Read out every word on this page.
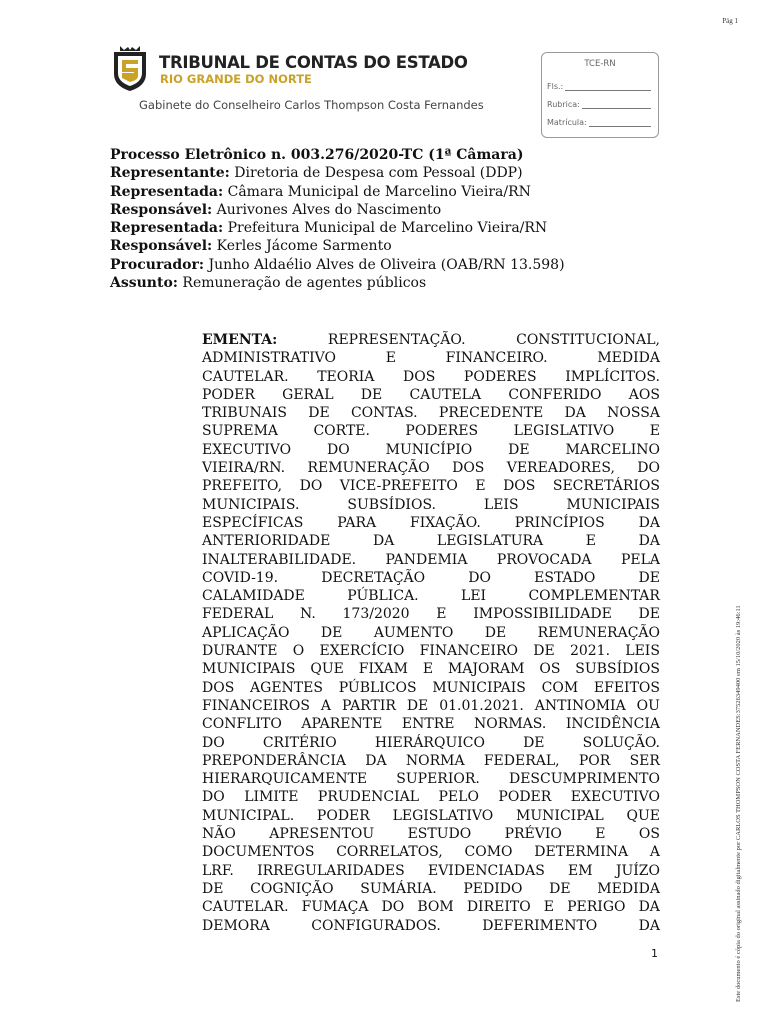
Pág 1
TRIBUNAL DE CONTAS DO ESTADO
RIO GRANDE DO NORTE
Gabinete do Conselheiro Carlos Thompson Costa Fernandes
TCE-RN
Fls.:
Rubrica:
Matrícula:
Processo Eletrônico n. 003.276/2020-TC (1ª Câmara)
Representante: Diretoria de Despesa com Pessoal (DDP)
Representada: Câmara Municipal de Marcelino Vieira/RN
Responsável: Aurivones Alves do Nascimento
Representada: Prefeitura Municipal de Marcelino Vieira/RN
Responsável: Kerles Jácome Sarmento
Procurador: Junho Aldaélio Alves de Oliveira (OAB/RN 13.598)
Assunto: Remuneração de agentes públicos
EMENTA:	REPRESENTAÇÃO.	CONSTITUCIONAL,
ADMINISTRATIVO	E	FINANCEIRO.	MEDIDA
CAUTELAR. TEORIA DOS PODERES IMPLÍCITOS.
PODER GERAL DE CAUTELA CONFERIDO AOS
TRIBUNAIS DE CONTAS. PRECEDENTE DA NOSSA
SUPREMA	CORTE.	PODERES	LEGISLATIVO	E
EXECUTIVO	DO	MUNICÍPIO	DE	MARCELINO
VIEIRA/RN. REMUNERAÇÃO DOS VEREADORES, DO
PREFEITO, DO VICE-PREFEITO E DOS SECRETÁRIOS
MUNICIPAIS.	SUBSÍDIOS.	LEIS	MUNICIPAIS
ESPECÍFICAS PARA FIXAÇÃO. PRINCÍPIOS DA
ANTERIORIDADE	DA	LEGISLATURA	E	DA
INALTERABILIDADE. PANDEMIA PROVOCADA PELA
COVID-19.	DECRETAÇÃO	DO	ESTADO	DE
CALAMIDADE	PÚBLICA.	LEI	COMPLEMENTAR
FEDERAL N. 173/2020 E IMPOSSIBILIDADE DE
APLICAÇÃO DE AUMENTO DE REMUNERAÇÃO
DURANTE O EXERCÍCIO FINANCEIRO DE 2021. LEIS
MUNICIPAIS QUE FIXAM E MAJORAM OS SUBSÍDIOS
DOS AGENTES PÚBLICOS MUNICIPAIS COM EFEITOS
FINANCEIROS A PARTIR DE 01.01.2021. ANTINOMIA OU
CONFLITO APARENTE ENTRE NORMAS. INCIDÊNCIA
DO	CRITÉRIO	HIERÁRQUICO	DE	SOLUÇÃO.
PREPONDERÂNCIA DA NORMA FEDERAL, POR SER
HIERARQUICAMENTE SUPERIOR. DESCUMPRIMENTO
DO LIMITE PRUDENCIAL PELO PODER EXECUTIVO
MUNICIPAL. PODER LEGISLATIVO MUNICIPAL QUE
NÃO APRESENTOU ESTUDO PRÉVIO E OS
DOCUMENTOS CORRELATOS, COMO DETERMINA A
LRF. IRREGULARIDADES EVIDENCIADAS EM JUÍZO
DE COGNIÇÃO SUMÁRIA. PEDIDO DE MEDIDA
CAUTELAR. FUMAÇA DO BOM DIREITO E PERIGO DA
DEMORA	CONFIGURADOS.	DEFERIMENTO	DA
1	Este documento é cópia do original assinado digitalmente por CARLOS THOMPSON COSTA FERNANDES:37526349400 em 15/10/2020 às 19:46:11
